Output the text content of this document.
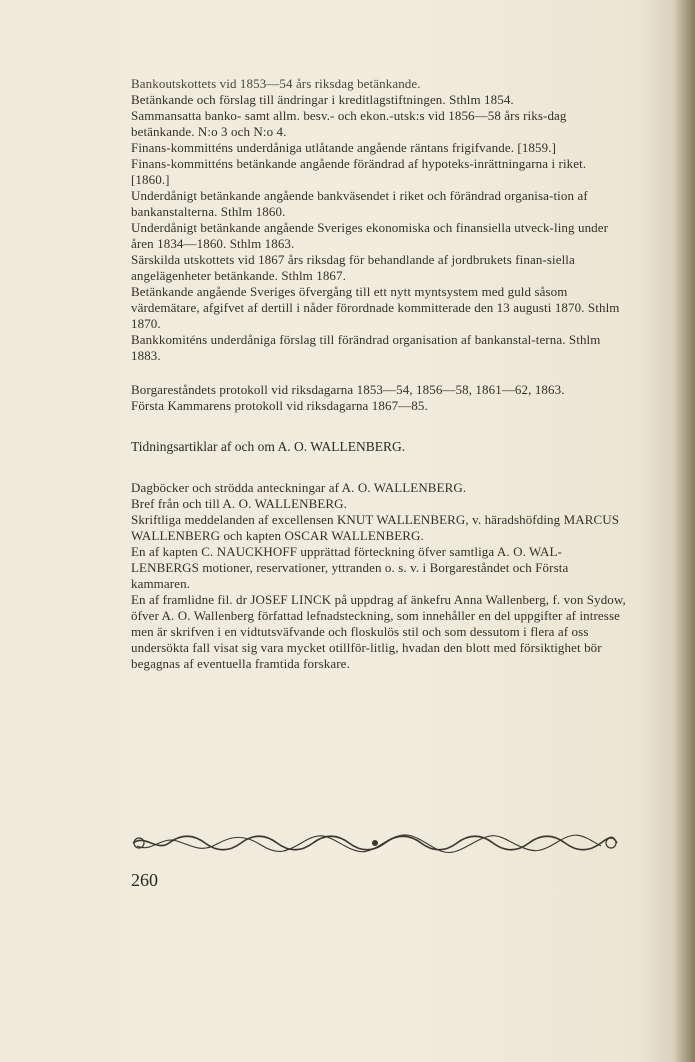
Bankoutskottets vid 1853—54 års riksdag betänkande.

Betänkande och förslag till ändringar i kreditlagstiftningen. Sthlm 1854.

Sammansatta banko- samt allm. besv.- och ekon.-utsk:s vid 1856—58 års riks-dag betänkande. N:o 3 och N:o 4.

Finans-kommitténs underdåniga utlåtande angående räntans frigifvande. [1859.]

Finans-kommitténs betänkande angående förändrad af hypoteks-inrättningarna i riket. [1860.]

Underdånigt betänkande angående bankväsendet i riket och förändrad organisa-tion af bankanstalterna. Sthlm 1860.

Underdånigt betänkande angående Sveriges ekonomiska och finansiella utveck-ling under åren 1834—1860. Sthlm 1863.

Särskilda utskottets vid 1867 års riksdag för behandlande af jordbrukets finan-siella angelägenheter betänkande. Sthlm 1867.

Betänkande angående Sveriges öfvergång till ett nytt myntsystem med guld såsom värdemätare, afgifvet af dertill i nåder förordnade kommitterade den 13 augusti 1870. Sthlm 1870.

Bankkomiténs underdåniga förslag till förändrad organisation af bankanstal-terna. Sthlm 1883.

Borgareståndets protokoll vid riksdagarna 1853—54, 1856—58, 1861—62, 1863.

Första Kammarens protokoll vid riksdagarna 1867—85.

Tidningsartiklar af och om A. O. WALLENBERG.

Dagböcker och strödda anteckningar af A. O. WALLENBERG.

Bref från och till A. O. WALLENBERG.

Skriftliga meddelanden af excellensen KNUT WALLENBERG, v. häradshöfding MARCUS WALLENBERG och kapten OSCAR WALLENBERG.

En af kapten C. NAUCKHOFF upprättad förteckning öfver samtliga A. O. WAL-LENBERGS motioner, reservationer, yttranden o. s. v. i Borgareståndet och Första kammaren.

En af framlidne fil. dr JOSEF LINCK på uppdrag af änkefru Anna Wallenberg, f. von Sydow, öfver A. O. Wallenberg författad lefnadsteckning, som innehåller en del uppgifter af intresse men är skrifven i en vidtutsväfvande och floskulös stil och som dessutom i flera af oss undersökta fall visat sig vara mycket otillför-litlig, hvadan den blott med försiktighet bör begagnas af eventuella framtida forskare.

260
